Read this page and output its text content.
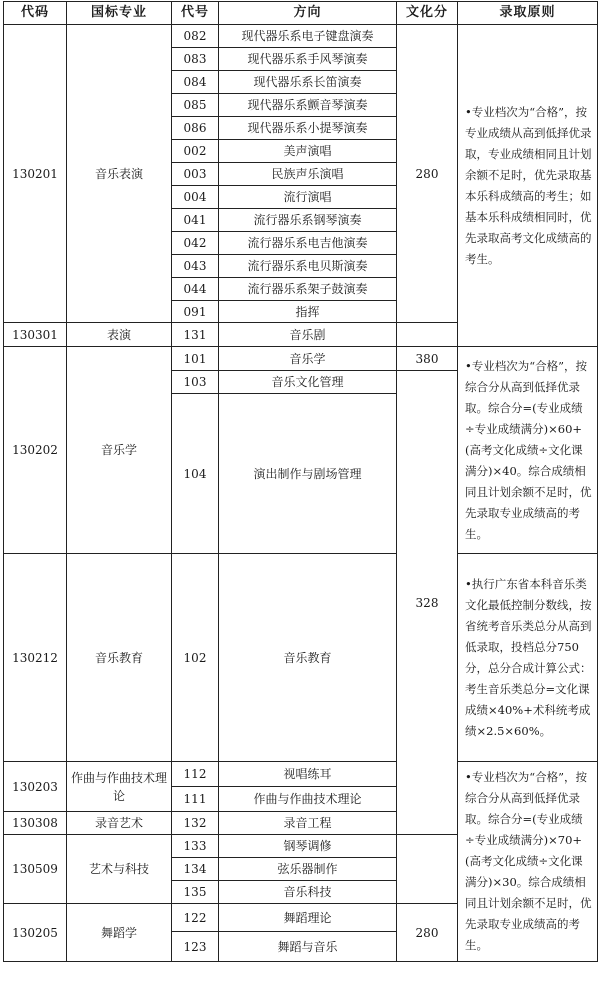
代码	国标专业	代号	方向	文化分	录取原则	
130201	音乐表演	082	现代器乐系电子键盘演奏	280	•专业档次为“合格”，按专业成绩从高到低择优录取，专业成绩相同且计划余额不足时，优先录取基本乐科成绩高的考生；如基本乐科成绩相同时，优先录取高考文化成绩高的考生。	
		083	现代器乐系手风琴演奏			
		084	现代器乐系长笛演奏			
		085	现代器乐系颤音琴演奏			
		086	现代器乐系小提琴演奏			
		002	美声演唱			
		003	民族声乐演唱			
		004	流行演唱			
		041	流行器乐系钢琴演奏			
		042	流行器乐系电吉他演奏			
		043	流行器乐系电贝斯演奏			
		044	流行器乐系架子鼓演奏			
		091	指挥			
130301	表演	131	音乐剧			
130202	音乐学	101	音乐学	380	•专业档次为“合格”，按综合分从高到低择优录取。综合分=(专业成绩÷专业成绩满分)×60+(高考文化成绩÷文化课满分)×40。综合成绩相同且计划余额不足时，优先录取专业成绩高的考生。	
		103	音乐文化管理	328		
		104	演出制作与剧场管理			
130212	音乐教育	102	音乐教育		•执行广东省本科音乐类文化最低控制分数线，按省统考音乐类总分从高到低录取，投档总分750分，总分合成计算公式：考生音乐类总分=文化课成绩×40%+术科统考成绩×2.5×60%。	
130203	作曲与作曲技术理论	112	视唱练耳		•专业档次为“合格”，按综合分从高到低择优录取。综合分=(专业成绩÷专业成绩满分)×70+(高考文化成绩÷文化课满分)×30。综合成绩相同且计划余额不足时，优先录取专业成绩高的考生。	
		111	作曲与作曲技术理论			
130308	录音艺术	132	录音工程			
130509	艺术与科技	133	钢琴调修			
		134	弦乐器制作			
		135	音乐科技			
130205	舞蹈学	122	舞蹈理论	280		
		123	舞蹈与音乐			
